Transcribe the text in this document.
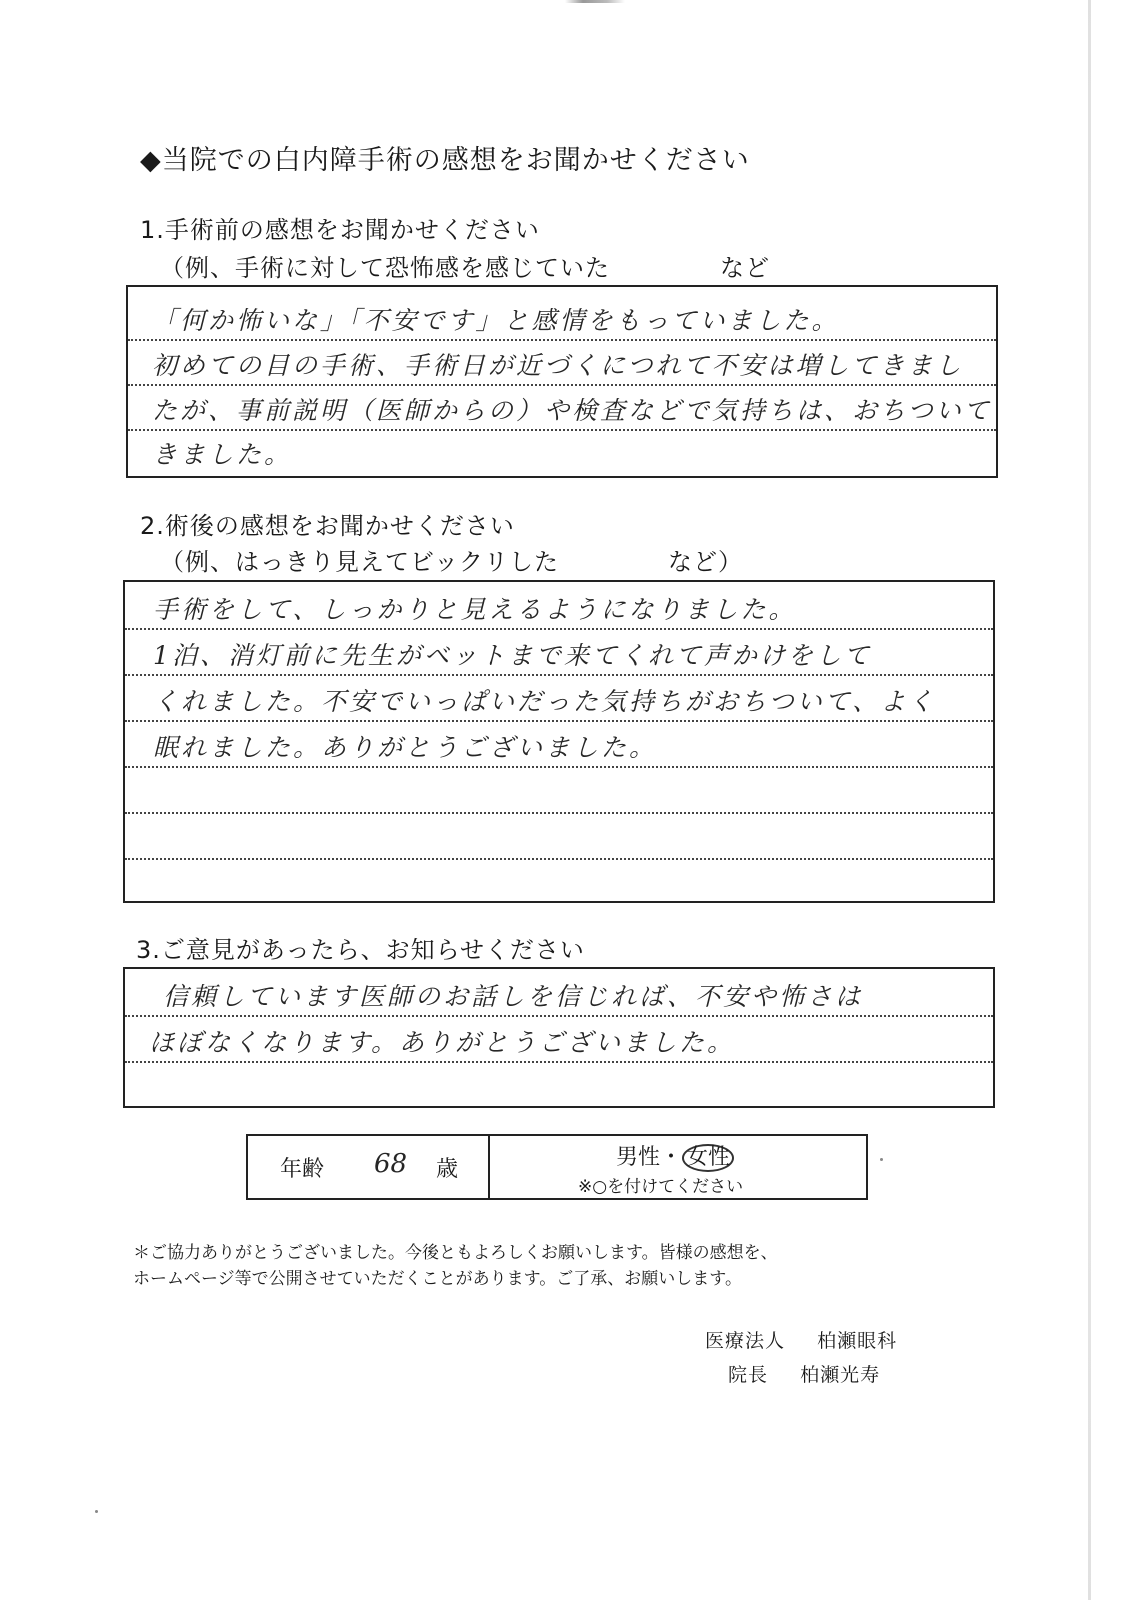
◆当院での白内障手術の感想をお聞かせください
1.手術前の感想をお聞かせください
（例、手術に対して恐怖感を感じていた	など
「何か怖いな」「不安です」と感情をもっていました。
初めての目の手術、手術日が近づくにつれて不安は増してきまし
たが、事前説明（医師からの）や検査などで気持ちは、おちついて
きました。
2.術後の感想をお聞かせください
（例、はっきり見えてビックリした	など）
手術をして、しっかりと見えるようになりました。
1泊、消灯前に先生がベットまで来てくれて声かけをして
くれました。不安でいっぱいだった気持ちがおちついて、よく
眠れました。ありがとうございました。
3.ご意見があったら、お知らせください
信頼しています医師のお話しを信じれば、不安や怖さは
ほぼなくなります。ありがとうございました。
年齢 68 歳	男性・ 女性
※○を付けてください
＊ご協力ありがとうございました。今後ともよろしくお願いします。皆様の感想を、
ホームページ等で公開させていただくことがあります。ご了承、お願いします。
医療法人 柏瀬眼科
院長 柏瀬光寿
